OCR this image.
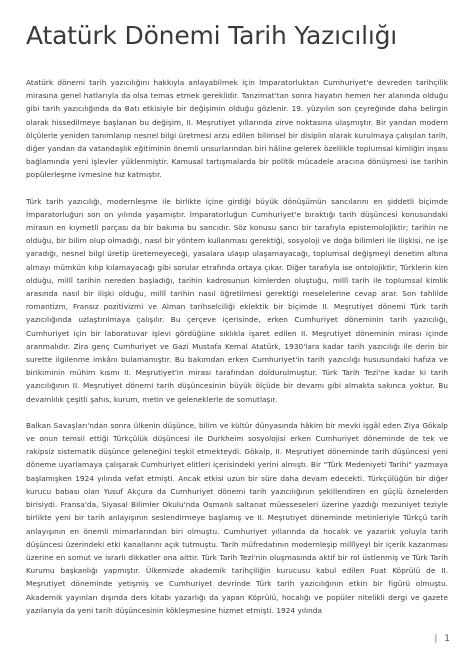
Atatürk Dönemi Tarih Yazıcılığı

Atatürk dönemi tarih yazıcılığını hakkıyla anlayabilmek için İmparatorluktan Cumhuriyet'e devreden tarihçilik mirasına genel hatlarıyla da olsa temas etmek gereklidir. Tanzimat'tan sonra hayatın hemen her alanında olduğu gibi tarih yazıcılığında da Batı etkisiyle bir değişimin olduğu gözlenir. 19. yüzyılın son çeyreğinde daha belirgin olarak hissedilmeye başlanan bu değişim, II. Meşrutiyet yıllarında zirve noktasına ulaşmıştır. Bir yandan modern ölçülerle yeniden tanımlanıp nesnel bilgi üretmesi arzu edilen bilimsel bir disiplin olarak kurulmaya çalışılan tarih, diğer yandan da vatandaşlık eğitiminin önemli unsurlarından biri hâline gelerek özellikle toplumsal kimliğin inşası bağlamında yeni işlevler yüklenmiştir. Kamusal tartışmalarda bir politik mücadele aracına dönüşmesi ise tarihin popülerleşme ivmesine hız katmıştır.

Türk tarih yazıcılığı, modernleşme ile birlikte içine girdiği büyük dönüşümün sancılarını en şiddetli biçimde İmparatorluğun son on yılında yaşamıştır. İmparatorluğun Cumhuriyet'e bıraktığı tarih düşüncesi konusundaki mirasın en kıymetli parçası da bir bakıma bu sancıdır. Söz konusu sancı bir tarafıyla epistemolojiktir; tarihin ne olduğu, bir bilim olup olmadığı, nasıl bir yöntem kullanması gerektiği, sosyoloji ve doğa bilimleri ile ilişkisi, ne işe yaradığı, nesnel bilgi üretip üretemeyeceği, yasalara ulaşıp ulaşamayacağı, toplumsal değişmeyi denetim altına almayı mümkün kılıp kılamayacağı gibi sorular etrafında ortaya çıkar. Diğer tarafıyla ise ontolojiktir; Türklerin kim olduğu, millî tarihin nereden başladığı, tarihin kadrosunun kimlerden oluştuğu, millî tarih ile toplumsal kimlik arasında nasıl bir ilişki olduğu, millî tarihin nasıl öğretilmesi gerektiği meselelerine cevap arar. Son tahlilde romantizm, Fransız pozitivizmi ve Alman tarihselciliği eklektik bir biçimde II. Meşrutiyet dönemi Türk tarih yazıcılığında uzlaştırılmaya çalışılır. Bu çerçeve içerisinde, erken Cumhuriyet döneminin tarih yazıcılığı, Cumhuriyet için bir laboratuvar işlevi gördüğüne sıklıkla işaret edilen II. Meşrutiyet döneminin mirası içinde aranmalıdır. Zira genç Cumhuriyet ve Gazi Mustafa Kemal Atatürk, 1930'lara kadar tarih yazıcılığı ile derin bir surette ilgilenme imkânı bulamamıştır. Bu bakımdan erken Cumhuriyet'in tarih yazıcılığı hususundaki hafıza ve birikiminin mühim kısmı II. Meşrutiyet'in mirası tarafından doldurulmuştur. Türk Tarih Tezi'ne kadar ki tarih yazıcılığının II. Meşrutiyet dönemi tarih düşüncesinin büyük ölçüde bir devamı gibi almakta sakınca yoktur. Bu devamlılık çeşitli şahıs, kurum, metin ve geleneklerle de somutlaşır.

Balkan Savaşları'ndan sonra ülkenin düşünce, bilim ve kültür dünyasında hâkim bir mevki işgâl eden Ziya Gökalp ve onun temsil ettiği Türkçülük düşüncesi ile Durkheim sosyolojisi erken Cumhuriyet döneminde de tek ve rakipsiz sistematik düşünce geleneğini teşkil etmekteydi. Gökalp, II. Meşrutiyet döneminde tarih düşüncesi yeni döneme uyarlamaya çalışarak Cumhuriyet elitleri içerisindeki yerini almıştı. Bir "Türk Medeniyeti Tarihi" yazmaya başlamışken 1924 yılında vefat etmişti. Ancak etkisi uzun bir süre daha devam edecekti. Türkçülüğün bir diğer kurucu babası olan Yusuf Akçura da Cumhuriyet dönemi tarih yazıcılığının şekillendiren en güçlü öznelerden birisiydi. Fransa'da, Siyasal Bilimler Okulu'nda Osmanlı saltanat müesseseleri üzerine yazdığı mezuniyet teziyle birlikte yeni bir tarih anlayışının seslendirmeye başlamış ve II. Meşrutiyet döneminde metinleriyle Türkçü tarih anlayışının en önemli mimarlarından biri olmuştu. Cumhuriyet yıllarında da hocalık ve yazarlık yoluyla tarih düşüncesi üzerindeki etki kanallarını açık tutmuştu. Tarih müfredatının modernleşip millîyeyi bir içerik kazanması üzerine en somut ve israrlı dikkatler ona aittir. Türk Tarih Tezi'nin oluşmasında aktif bir rol üstlenmiş ve Türk Tarih Kurumu başkanlığı yapmıştır. Ülkemizde akademik tarihçiliğin kurucusu kabul edilen Fuat Köprülü de II. Meşrutiyet döneminde yetişmiş ve Cumhuriyet devrinde Türk tarih yazıcılığının etkin bir figürü olmuştu. Akademik yayınları dışında ders kitabı yazarlığı da yapan Köprülü, hocalığı ve popüler nitelikli dergi ve gazete yazılarıyla da yeni tarih düşüncesinin kökleşmesine hizmet etmişti. 1924 yılında

| 1
